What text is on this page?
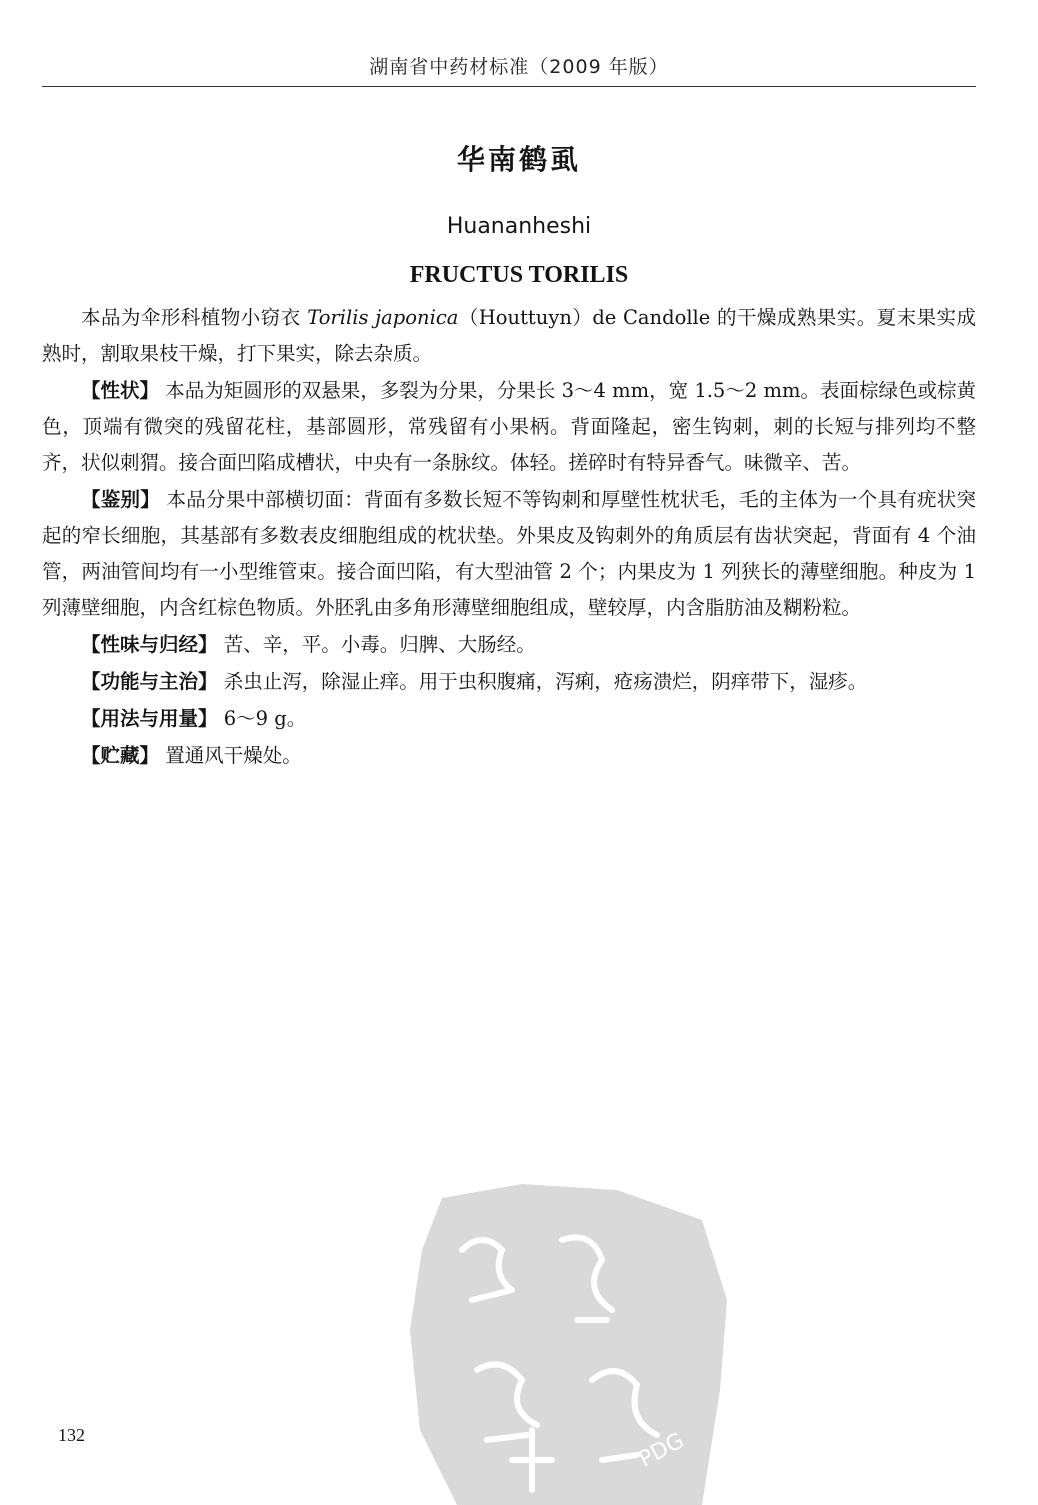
湖南省中药材标准（2009 年版）
华南鹤虱
Huananheshi
FRUCTUS TORILIS

本品为伞形科植物小窃衣 Torilis japonica（Houttuyn）de Candolle 的干燥成熟果实。夏末果实成熟时，割取果枝干燥，打下果实，除去杂质。

【性状】 本品为矩圆形的双悬果，多裂为分果，分果长 3～4 mm，宽 1.5～2 mm。表面棕绿色或棕黄色，顶端有微突的残留花柱，基部圆形，常残留有小果柄。背面隆起，密生钩刺，刺的长短与排列均不整齐，状似刺猬。接合面凹陷成槽状，中央有一条脉纹。体轻。搓碎时有特异香气。味微辛、苦。

【鉴别】 本品分果中部横切面：背面有多数长短不等钩刺和厚壁性枕状毛，毛的主体为一个具有疣状突起的窄长细胞，其基部有多数表皮细胞组成的枕状垫。外果皮及钩刺外的角质层有齿状突起，背面有 4 个油管，两油管间均有一小型维管束。接合面凹陷，有大型油管 2 个；内果皮为 1 列狭长的薄壁细胞。种皮为 1 列薄壁细胞，内含红棕色物质。外胚乳由多角形薄壁细胞组成，壁较厚，内含脂肪油及糊粉粒。

【性味与归经】 苦、辛，平。小毒。归脾、大肠经。

【功能与主治】 杀虫止泻，除湿止痒。用于虫积腹痛，泻痢，疮疡溃烂，阴痒带下，湿疹。

【用法与用量】 6～9 g。

【贮藏】 置通风干燥处。

PDG
132
